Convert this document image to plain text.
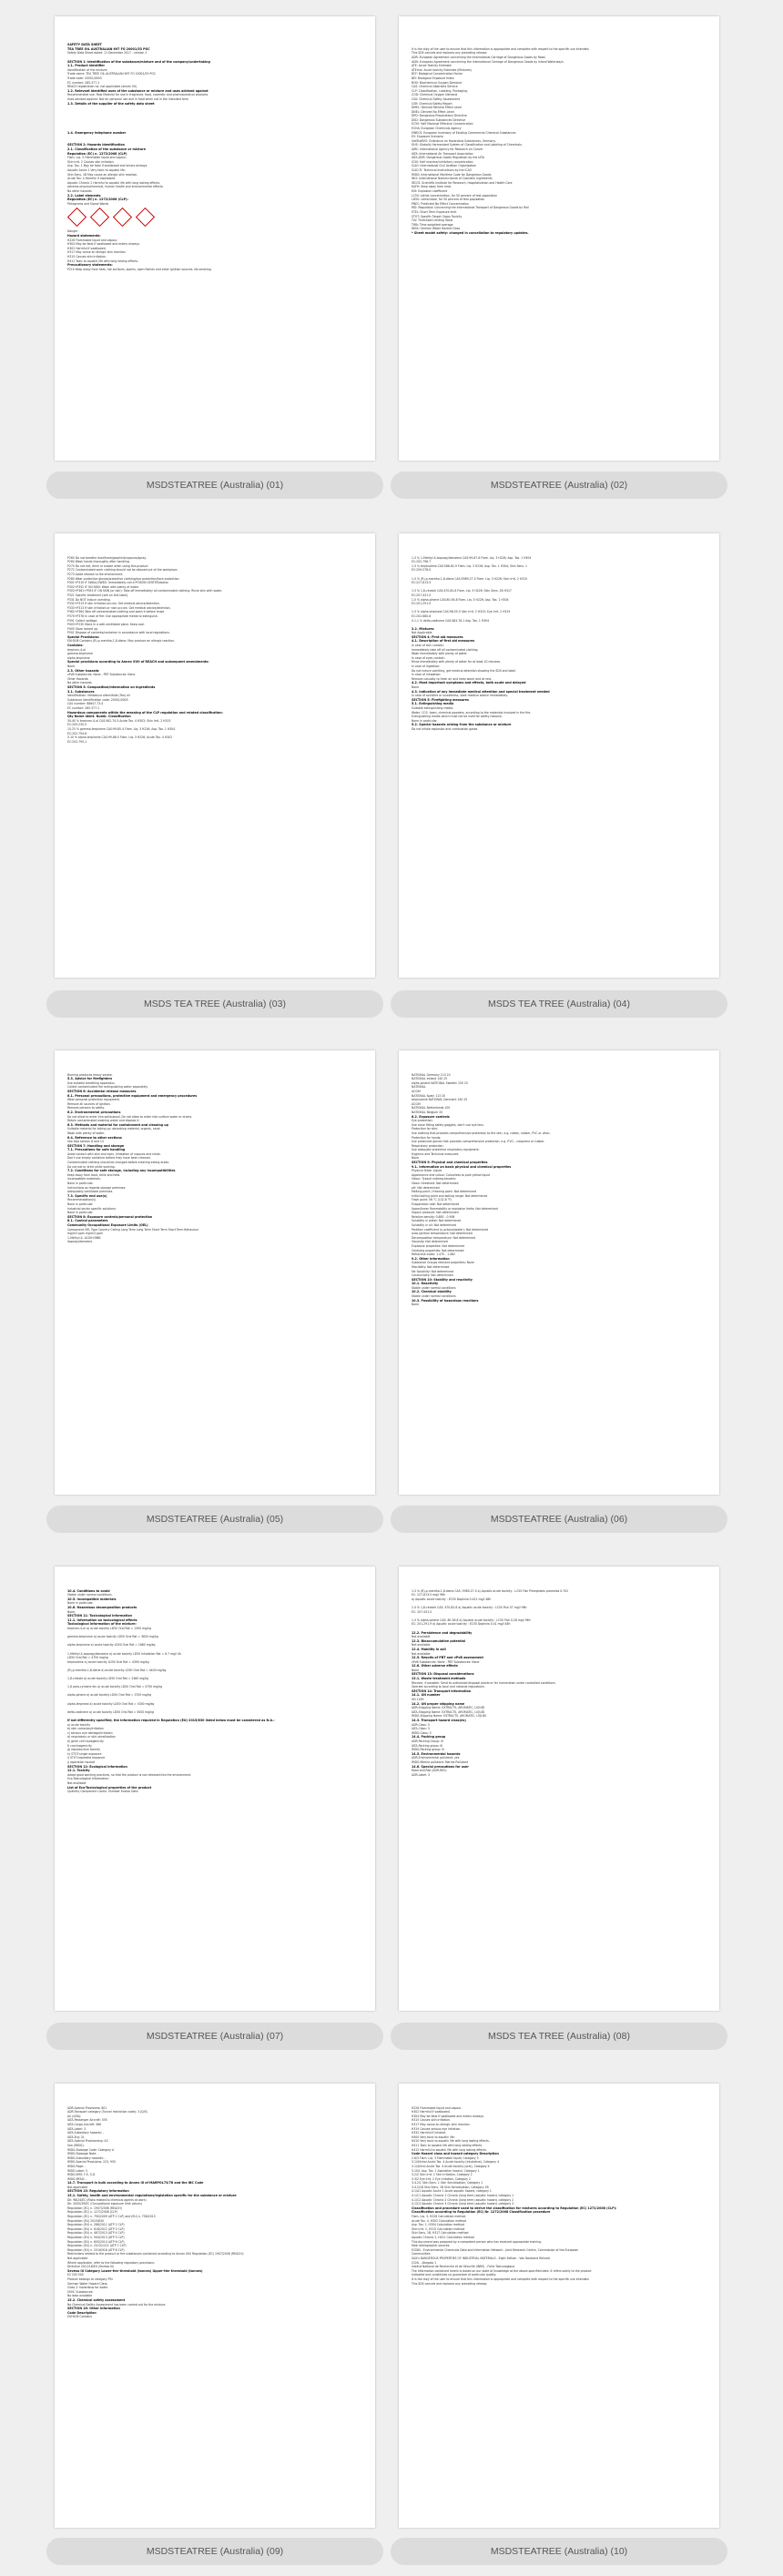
SAFETY DATA SHEET
TEA TREE OIL AUSTRALIAN 697 FG 20001/53 PGC
Safety Data Sheet dated: 11 December 2017 - version 2
SECTION 1: Identification of the substance/mixture and of the company/undertaking
1.1. Product identifier
Identification of the mixture:
Trade name: TEA TREE OIL AUSTRALIAN 697 FG 20001/53 PGC
Trade code: 20001/0003
EC number: 285-377-1
REACH registration no: not applicable (annex VII)
1.2. Relevant identified uses of the substance or mixture and uses advised against
Recommended use: Raw Material for use in fragrance, food, cosmetic and pharmaceutical products
Uses advised against: Not for personal use and in food when not in the intended form
1.3. Details of the supplier of the safety data sheet
1.4. Emergency telephone number
SECTION 2: Hazards identification
2.1. Classification of the substance or mixture
Regulation (EC) n. 1272/2008 (CLP)
Flam. Liq. 3 Flammable liquid and vapour.
Skin Irrit. 2 Causes skin irritation.
Asp. Tox. 1 May be fatal if swallowed and enters airways.
Aquatic Acute 1 Very toxic to aquatic life.
Skin Sens. 1B May cause an allergic skin reaction.
Acute Tox. 4 Harmful if swallowed.
Aquatic Chronic 2 Harmful to aquatic life with long lasting effects.
Adverse physicochemical, human health and environmental effects:
No other hazards
2.2. Label elements
Regulation (EC) n. 1272/2008 (CLP):
Pictograms and Signal Words
Danger
Hazard statements:
H226 Flammable liquid and vapour.
H304 May be fatal if swallowed and enters airways.
H302 Harmful if swallowed.
H317 May cause an allergic skin reaction.
H315 Causes skin irritation.
H411 Toxic to aquatic life with long lasting effects.
Precautionary statements:
P210 Keep away from heat, hot surfaces, sparks, open flames and other ignition sources. No smoking.
MSDSTEATREE (Australia) (01)
It is the duty of the user to ensure that this information is appropriate and complete with respect to the specific use intended.
This SDS cancels and replaces any preceding release.
ADR: European Agreement concerning the International Carriage of Dangerous Goods by Road.
ADN: European Agreement concerning the International Carriage of Dangerous Goods by Inland Waterways.
ATE: Acute Toxicity Estimate
ATEmix: Acute toxicity Estimate (Mixtures)
BCF: Biological Concentration Factor
BEI: Biological Exposure Index
BOD: Biochemical Oxygen Demand
CAS: Chemical Abstracts Service
CLP: Classification, Labeling, Packaging.
COD: Chemical Oxygen Demand
CSA: Chemical Safety Assessment
CSR: Chemical Safety Report
DMEL: Derived Minimal Effect Level
DNEL: Derived No Effect Level
DPD: Dangerous Preparations Directive
DSD: Dangerous Substances Directive
EC50: Half Maximal Effective Concentration
ECHA: European Chemicals Agency
EINECS: European Inventory of Existing Commercial Chemical Substances
ES: Exposure Scenario
GefStoffVO: Ordinance on Hazardous Substances, Germany.
GHS: Globally Harmonized System of Classification and Labeling of Chemicals.
IARC: International Agency for Research on Cancer
IATA: International Air Transport Association
IATA-DGR: Dangerous Goods Regulation by the IATA
IC50: Half maximal inhibitory concentration
ICAO: International Civil Aviation Organization
ICAO-TI: Technical Instructions by the ICAO
IMDG: International Maritime Code for Dangerous Goods
INCI: International Nomenclature of Cosmetic Ingredients
IRCCS: Scientific Institute for Research, Hospitalization and Health Care
KAFH: Keep away from heat
KSt: Explosion coefficient
LC50: Lethal concentration, for 50 percent of test population
LD50: Lethal dose, for 50 percent of test population
PNEC: Predicted No Effect Concentration
RID: Regulation Concerning the International Transport of Dangerous Goods by Rail
STEL: Short Term Exposure limit
STOT: Specific Target Organ Toxicity
TLV: Threshold Limiting Value
TWA: Time-weighted average
WGK: German Water Hazard Class
* Sheet model safety: changed in cancellation to regulatory updates.
MSDSTEATREE (Australia) (02)
P260 Do not breathe dust/fume/gas/mist/vapours/spray.
P264 Wash hands thoroughly after handling.
P270 Do not eat, drink or smoke when using this product.
P272 Contaminated work clothing should not be allowed out of the workplace.
P273 Avoid release to the environment.
P280 Wear protective gloves/protective clothing/eye protection/face protection.
P301+P310 IF SWALLOWED: Immediately call a POISON CENTER/doctor.
P302+P352 IF ON SKIN: Wash with plenty of water.
P303+P361+P353 IF ON SKIN (or hair): Take off immediately all contaminated clothing. Rinse skin with water.
P321 Specific treatment (see on this label).
P331 Do NOT induce vomiting.
P332+P313 If skin irritation occurs: Get medical advice/attention.
P333+P313 If skin irritation or rash occurs: Get medical advice/attention.
P362+P364 Take off contaminated clothing and wash it before reuse.
P370+P378 In case of fire: Use appropriate media to extinguish.
P391 Collect spillage.
P403+P235 Store in a well-ventilated place. Keep cool.
P405 Store locked up.
P501 Dispose of contents/container in accordance with local regulations.
Special Provisions:
EUH208 Contains (R)-p-mentha-1,8-diene. May produce an allergic reaction.
Contains:
terpinen-4-ol
gamma-terpinene
alpha-terpinene
Special provisions according to Annex XVII of REACH and subsequent amendments:
None
2.3. Other hazards
vPvB Substances: None - PBT Substances: None
Other Hazards:
No other hazards
SECTION 3: Composition/information on ingredients
3.1. Substances
Identification: Melaleuca alternifolia (Tea) oil
Substance identification code: 20001/0003
CAS number: 68647-73-4
EC number: 285-377-1
Hazardous components within the meaning of the CLP regulation and related classification:
Qty Name Ident. Numb. Classification
30-40 % terpinen-4-ol CAS:562-74-3 Acute Tox. 4 H302; Skin Irrit. 2 H315
EC:209-235-5
15-25 % gamma-terpinene CAS:99-85-4 Flam. Liq. 3 H226; Asp. Tox. 1 H304
EC:202-794-6
5-10 % alpha-terpinene CAS:99-86-5 Flam. Liq. 3 H226; Acute Tox. 4 H302
EC:202-795-1
MSDS TEA TREE (Australia) (03)
1-5 % 1-Methyl-4-isopropylbenzene CAS:99-87-6 Flam. Liq. 3 H226; Asp. Tox. 1 H304
EC:202-796-7
1-5 % terpinolene CAS:586-62-9 Flam. Liq. 3 H226; Asp. Tox. 1 H304; Skin Sens. 1
EC:209-578-0
1-5 % (R)-p-mentha-1,8-diene CAS:5989-27-5 Flam. Liq. 3 H226; Skin Irrit. 2 H315
EC:227-813-5
1-5 % 1,8-cineole CAS:470-82-6 Flam. Liq. 3 H226; Skin Sens. 1B H317
EC:207-431-5
1-5 % alpha-pinene CAS:80-56-8 Flam. Liq. 3 H226; Asp. Tox. 1 H304
EC:201-291-9
1-5 % alpha-terpineol CAS:98-55-5 Skin Irrit. 2 H315; Eye Irrit. 2 H319
EC:202-680-6
0.1-1 % delta-cadinene CAS:483-76-1 Asp. Tox. 1 H304
3.2. Mixtures
Not Applicable
SECTION 4: First aid measures
4.1. Description of first aid measures
In case of skin contact:
Immediately take off all contaminated clothing.
Wash immediately with plenty of water.
In case of eyes contact:
Rinse immediately with plenty of water for at least 10 minutes.
In case of Ingestion:
Do not induce vomiting, get medical attention showing the SDS and label.
In case of Inhalation:
Remove casualty to fresh air and keep warm and at rest.
4.2. Most important symptoms and effects, both acute and delayed
None
4.3. Indication of any immediate medical attention and special treatment needed
In case of accident or unwellness, seek medical advice immediately.
SECTION 5: Firefighting measures
5.1. Extinguishing media
Suitable extinguishing media:
Water, CO2, foam, chemical powders, according to the materials involved in the fire.
Extinguishing media which must not be used for safety reasons:
None in particular.
5.2. Special hazards arising from the substance or mixture
Do not inhale explosion and combustion gases.
MSDS TEA TREE (Australia) (04)
Burning produces heavy smoke.
5.3. Advice for firefighters
Use suitable breathing apparatus.
Collect contaminated fire extinguishing water separately.
SECTION 6: Accidental release measures
6.1. Personal precautions, protective equipment and emergency procedures
Wear personal protection equipment.
Remove all sources of ignition.
Remove persons to safety.
6.2. Environmental precautions
Do not allow to enter into soil/subsoil. Do not allow to enter into surface water or drains.
Retain contaminated washing water and dispose it.
6.3. Methods and material for containment and cleaning up
Suitable material for taking up: absorbing material, organic, sand.
Wash with plenty of water.
6.4. Reference to other sections
See also section 8 and 13
SECTION 7: Handling and storage
7.1. Precautions for safe handling
Avoid contact with skin and eyes, inhalation of vapours and mists.
Don't use empty container before they have been cleaned.
Contaminated clothing should be changed before entering eating areas.
Do not eat or drink while working.
7.2. Conditions for safe storage, including any incompatibilities
Keep away from food, drink and feed.
Incompatible materials:
None in particular.
Instructions as regards storage premises:
Adequately ventilated premises.
7.3. Specific end use(s)
Recommendation(s)
None in particular
Industrial sector specific solutions:
None in particular
SECTION 8: Exposure controls/personal protection
8.1. Control parameters
Community Occupational Exposure Limits (OEL)
Component OEL Type Country Ceiling Long Term Long Term Short Term Short Term Behaviour
mg/m3 ppm mg/m3 ppm
1-Methyl-4- ACGIH NNN
isopropylbenzene
MSDSTEATREE (Australia) (05)
NATIONAL Germany 110 20
NATIONAL Ireland 140 25
alpha-pinene NATIONAL Sweden 150 25
NATIONAL
ACGIH
NATIONAL Spain 113 20
terpinolene NATIONAL Denmark 140 25
ACGIH
NATIONAL Netherlands 100
NATIONAL Belgium 20
8.2. Exposure controls
Eye protection:
Use close fitting safety goggles, don't use eye lens.
Protection for skin:
Use clothing that provides comprehensive protection to the skin, e.g. cotton, rubber, PVC or viton.
Protection for hands:
Use protective gloves that provides comprehensive protection, e.g. P.V.C., neoprene or rubber.
Respiratory protection:
Use adequate protective respiratory equipment.
Hygienic and Technical measures
None
SECTION 9: Physical and chemical properties
9.1. Information on basic physical and chemical properties
Physical State: Liquid
Appearance and colour: Colourless to pale yellow liquid
Odour: Typical nutmeg-terpenic
Odour threshold: Not determined
pH: Not determined
Melting point / freezing point: Not determined
Initial boiling point and boiling range: Not determined
Flash point: 56 °C (132.8 °F)
Evaporation rate: Not determined
Upper/lower flammability or explosive limits: Not determined
Vapour pressure: Not determined
Relative density: 0.885 - 0.906
Solubility in water: Not determined
Solubility in oil: Not determined
Partition coefficient (n-octanol/water): Not determined
Auto-ignition temperature: Not determined
Decomposition temperature: Not determined
Viscosity: Not determined
Explosive properties: Not determined
Oxidizing properties: Not determined
Refractive index: 1.475 - 1.482
9.2. Other information
Substance Groups relevant properties: None
Miscibility: Not determined
Fat Solubility: Not determined
Conductivity: Not determined
SECTION 10: Stability and reactivity
10.1. Reactivity
Stable under normal conditions
10.2. Chemical stability
Stable under normal conditions
10.3. Possibility of hazardous reactions
None
MSDSTEATREE (Australia) (06)
10.4. Conditions to avoid
Stable under normal conditions.
10.5. Incompatible materials
None in particular.
10.6. Hazardous decomposition products
None.
SECTION 11: Toxicological information
11.1. Information on toxicological effects
Toxicological information of the mixture:
terpinen-4-ol a) acute toxicity LD50 Oral Rat = 1300 mg/kg
gamma-terpinene a) acute toxicity LD50 Oral Rat = 3650 mg/kg
alpha-terpinene a) acute toxicity LD50 Oral Rat = 1680 mg/kg
1-Methyl-4-isopropylbenzene a) acute toxicity LD50 Inhalation Rat = 6.7 mg/l 4h
LD50 Oral Rat = 4750 mg/kg
terpinolene a) acute toxicity LD50 Oral Rat = 4390 mg/kg
(R)-p-mentha-1,8-diene a) acute toxicity LD50 Oral Rat = 4400 mg/kg
1,8-cineole a) acute toxicity LD50 Oral Rat = 2480 mg/kg
1,8 para-cymene etc a) acute toxicity LD50 Oral Rat = 4750 mg/kg
alpha-pinene a) acute toxicity LD50 Oral Rat = 3700 mg/kg
alpha-terpineol a) acute toxicity LD50 Oral Rat = 4300 mg/kg
delta-cadinene a) acute toxicity LD50 Oral Rat = 5000 mg/kg
If not differently specified, the information required in Regulation (EU) 2015/830 listed below must be considered as N.A.:
a) acute toxicity
b) skin corrosion/irritation
c) serious eye damage/irritation
d) respiratory or skin sensitisation
e) germ cell mutagenicity
f) carcinogenicity
g) reproductive toxicity
h) STOT-single exposure
i) STOT-repeated exposure
j) aspiration hazard
SECTION 12: Ecological information
12.1. Toxicity
Adopt good working practices, so that the product is not released into the environment.
Eco-Toxicological Information:
Not available
List of Eco-Toxicological properties of the product
Quantity Component Contin. Number Ecotox Data
MSDSTEATREE (Australia) (07)
1-5 % (R)-p-mentha-1,8-diene CAS: 5989-27-5 a) Aquatic acute toxicity : LC50 Fish Pimephales promelas 0.702
EC: 227-813-5 mg/l 96h
a) Aquatic acute toxicity : EC50 Daphnia 0.421 mg/l 48h
1-5 % 1,8-cineole CAS: 470-82-6 a) Aquatic acute toxicity : LC50 Fish 57 mg/l 96h
EC: 207-431-5
1-5 % alpha-pinene CAS: 80-56-8 a) Aquatic acute toxicity : LC50 Fish 0.28 mg/l 96h
EC: 201-291-9 a) Aquatic acute toxicity : EC50 Daphnia 0.41 mg/l 48h
12.2. Persistence and degradability
Not available
12.3. Bioaccumulative potential
Not available
12.4. Mobility in soil
Not available
12.5. Results of PBT and vPvB assessment
vPvB Substances: None - PBT Substances: None
12.6. Other adverse effects
None
SECTION 13: Disposal considerations
13.1. Waste treatment methods
Recover, if possible. Send to authorised disposal plants or for incineration under controlled conditions.
Operate according to local and national regulations.
SECTION 14: Transport information
14.1. UN number
UN 1169
14.2. UN proper shipping name
ADR-Shipping Name: EXTRACTS, AROMATIC, LIQUID
IATA-Shipping Name: EXTRACTS, AROMATIC, LIQUID
IMDG-Shipping Name: EXTRACTS, AROMATIC, LIQUID
14.3. Transport hazard class(es)
ADR-Class: 3
IATA-Class: 3
IMDG-Class: 3
14.4. Packing group
ADR-Packing Group: III
IATA-Packing group: III
IMDG-Packing group: III
14.5. Environmental hazards
ADR-Environmental pollutant: yes
IMDG-Marine pollutant: Marine Pollutant
14.6. Special precautions for user
Road and Rail (ADR-RID):
ADR-Label: 3
MSDS TEA TREE (Australia) (08)
ADR-Special Provisions: 601
ADR-Transport category (Tunnel restriction code): 3 (D/E)
Air (IATA):
IATA-Passenger Aircraft: 355
IATA-Cargo Aircraft: 366
IATA-Label: 3
IATA-Subsidiary hazards: -
IATA-Erg: 3L
IATA-Special Provisioning: A3
Sea (IMDG):
IMDG-Stowage Code: Category A
IMDG-Stowage Note: -
IMDG-Subsidiary hazards: -
IMDG-Special Provisions: 223, 955
IMDG-Page: -
IMDG-Label: 3
IMDG-EMS: F-E, S-D
IMDG-MFAG: -
14.7. Transport in bulk according to Annex III of MARPOL73/78 and the IBC Code
Not applicable
SECTION 15: Regulatory information
15.1. Safety, health and environmental regulations/legislation specific for the substance or mixture
Dir. 98/24/EC (Risks related to chemical agents at work)
Dir. 2000/39/EC (Occupational exposure limit values)
Regulation (EC) n. 1907/2006 (REACH)
Regulation (EC) n. 1272/2008 (CLP)
Regulation (EC) n. 790/2009 (ATP 1 CLP) and (EU) n. 758/2013
Regulation (EU) 2015/830
Regulation (EU) n. 286/2011 (ATP 2 CLP)
Regulation (EU) n. 618/2012 (ATP 3 CLP)
Regulation (EU) n. 487/2013 (ATP 4 CLP)
Regulation (EU) n. 944/2013 (ATP 5 CLP)
Regulation (EU) n. 605/2014 (ATP 6 CLP)
Regulation (EU) n. 2015/1221 (ATP 7 CLP)
Regulation (EU) n. 2016/918 (ATP 8 CLP)
Restrictions related to the product or the substances contained according to Annex XVII Regulation (EC) 1907/2006 (REACH):
Not applicable
Where applicable, refer to the following regulatory provisions:
Directive 2012/18/EU (Seveso III)
Seveso III Category Lower-tier threshold (tonnes) Upper-tier threshold (tonnes)
E2 200 500
Product belongs to category P5c
German Water Hazard Class.
Class 2: hazardous for water.
SVHC Substances:
No data available
15.2. Chemical safety assessment
No Chemical Safety Assessment has been carried out for the mixture.
SECTION 16: Other information
Code Description
EUH208 Contains
MSDSTEATREE (Australia) (09)
H226 Flammable liquid and vapour.
H302 Harmful if swallowed.
H304 May be fatal if swallowed and enters airways.
H315 Causes skin irritation.
H317 May cause an allergic skin reaction.
H319 Causes serious eye irritation.
H332 Harmful if inhaled.
H400 Very toxic to aquatic life.
H410 Very toxic to aquatic life with long lasting effects.
H411 Toxic to aquatic life with long lasting effects.
H412 Harmful to aquatic life with long lasting effects.
Code Hazard class and hazard category Description
2.6/3 Flam. Liq. 3 Flammable liquid, Category 3
3.1/4/Inhal Acute Tox. 4 Acute toxicity (inhalative), Category 4
3.1/4/Oral Acute Tox. 4 Acute toxicity (oral), Category 4
3.10/1 Asp. Tox. 1 Aspiration hazard, Category 1
3.2/2 Skin Irrit. 2 Skin irritation, Category 2
3.3/2 Eye Irrit. 2 Eye irritation, Category 2
3.4.2/1 Skin Sens. 1 Skin Sensitization, Category 1
3.4.2/1B Skin Sens. 1B Skin Sensitization, Category 1B
4.1/A1 Aquatic Acute 1 Acute aquatic hazard, category 1
4.1/C1 Aquatic Chronic 1 Chronic (long term) aquatic hazard, category 1
4.1/C2 Aquatic Chronic 2 Chronic (long term) aquatic hazard, category 2
4.1/C3 Aquatic Chronic 3 Chronic (long term) aquatic hazard, category 3
Classification and procedure used to derive the classification for mixtures according to Regulation (EC) 1272/2008 (CLP):
Classification according to Regulation (EC) Nr. 1272/2008 Classification procedure
Flam. Liq. 3, H226 Calculation method
Acute Tox. 4, H302 Calculation method
Asp. Tox. 1, H304 Calculation method
Skin Irrit. 2, H315 Calculation method
Skin Sens. 1B, H317 Calculation method
Aquatic Chronic 2, H411 Calculation method
This document was prepared by a competent person who has received appropriate training.
Main bibliographic sources:
ECDIN - Environmental Chemicals Data and Information Network - Joint Research Centre, Commission of the European
Communities
SAX's DANGEROUS PROPERTIES OF INDUSTRIAL MATERIALS - Eight Edition - Van Nostrand Reinold
CCNL - Allegato 1
Institut National de Recherche et de Sécurité (INRS) - Fiche Toxicologique
The information contained herein is based on our state of knowledge at the above-specified date. It refers solely to the product
indicated and constitutes no guarantee of particular quality.
It is the duty of the user to ensure that this information is appropriate and complete with respect to the specific use intended.
This SDS cancels and replaces any preceding release.
MSDSTEATREE (Australia) (10)
